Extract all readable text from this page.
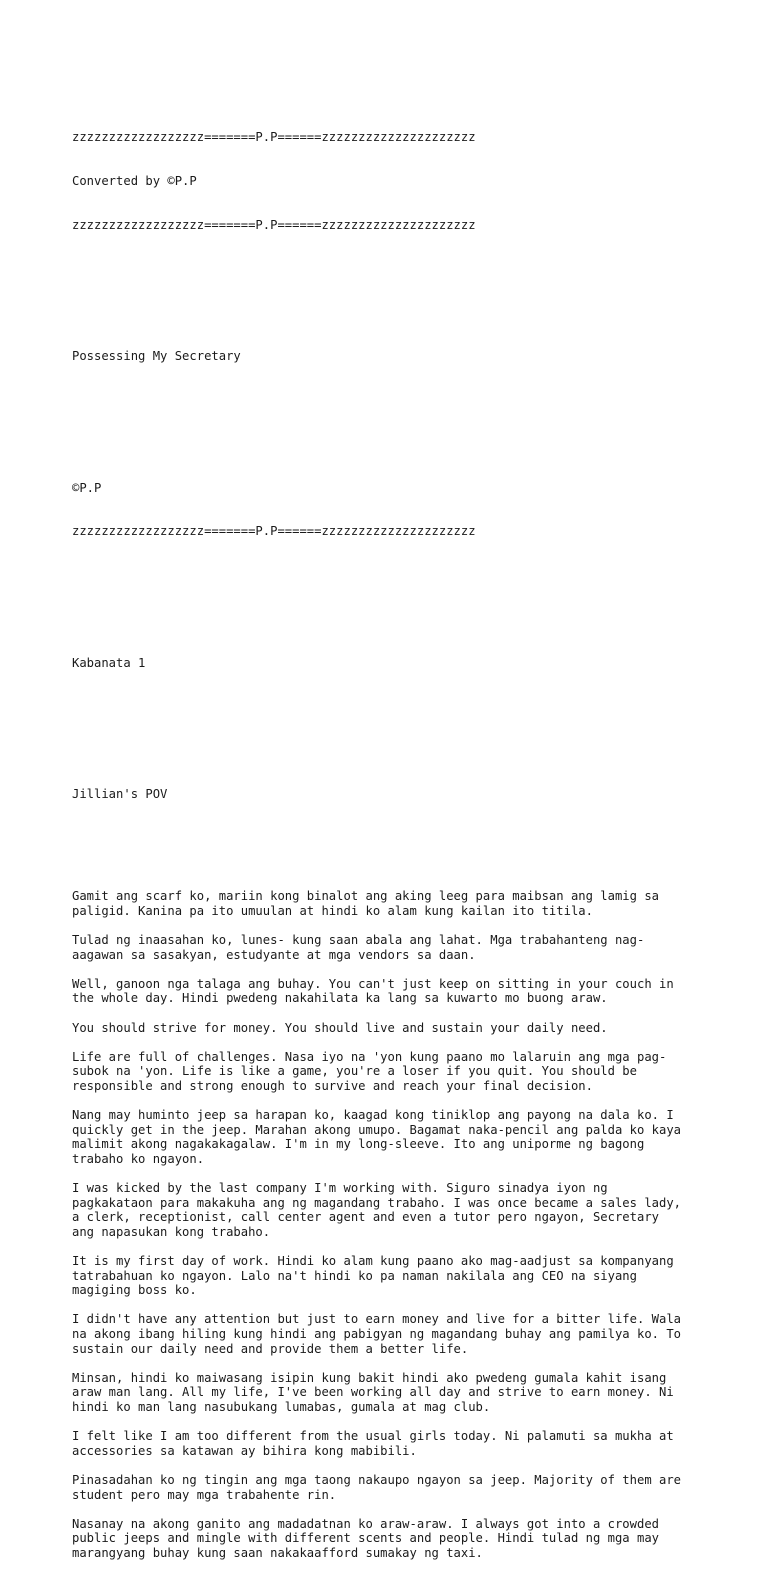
zzzzzzzzzzzzzzzzzz=======P.P======zzzzzzzzzzzzzzzzzzzzz

Converted by ©P.P

zzzzzzzzzzzzzzzzzz=======P.P======zzzzzzzzzzzzzzzzzzzzz

Possessing My Secretary

©P.P

zzzzzzzzzzzzzzzzzz=======P.P======zzzzzzzzzzzzzzzzzzzzz

Kabanata 1

Jillian's POV

Gamit ang scarf ko, mariin kong binalot ang aking leeg para maibsan ang lamig sa
paligid. Kanina pa ito umuulan at hindi ko alam kung kailan ito titila.
Tulad ng inaasahan ko, lunes- kung saan abala ang lahat. Mga trabahanteng nag-
aagawan sa sasakyan, estudyante at mga vendors sa daan.
Well, ganoon nga talaga ang buhay. You can't just keep on sitting in your couch in
the whole day. Hindi pwedeng nakahilata ka lang sa kuwarto mo buong araw.
You should strive for money. You should live and sustain your daily need.
Life are full of challenges. Nasa iyo na 'yon kung paano mo lalaruin ang mga pag-
subok na 'yon. Life is like a game, you're a loser if you quit. You should be
responsible and strong enough to survive and reach your final decision.
Nang may huminto jeep sa harapan ko, kaagad kong tiniklop ang payong na dala ko. I
quickly get in the jeep. Marahan akong umupo. Bagamat naka-pencil ang palda ko kaya
malimit akong nagakakagalaw. I'm in my long-sleeve. Ito ang uniporme ng bagong
trabaho ko ngayon.
I was kicked by the last company I'm working with. Siguro sinadya iyon ng
pagkakataon para makakuha ang ng magandang trabaho. I was once became a sales lady,
a clerk, receptionist, call center agent and even a tutor pero ngayon, Secretary
ang napasukan kong trabaho.
It is my first day of work. Hindi ko alam kung paano ako mag-aadjust sa kompanyang
tatrabahuan ko ngayon. Lalo na't hindi ko pa naman nakilala ang CEO na siyang
magiging boss ko.
I didn't have any attention but just to earn money and live for a bitter life. Wala
na akong ibang hiling kung hindi ang pabigyan ng magandang buhay ang pamilya ko. To
sustain our daily need and provide them a better life.
Minsan, hindi ko maiwasang isipin kung bakit hindi ako pwedeng gumala kahit isang
araw man lang. All my life, I've been working all day and strive to earn money. Ni
hindi ko man lang nasubukang lumabas, gumala at mag club.
I felt like I am too different from the usual girls today. Ni palamuti sa mukha at
accessories sa katawan ay bihira kong mabibili.
Pinasadahan ko ng tingin ang mga taong nakaupo ngayon sa jeep. Majority of them are
student pero may mga trabahente rin.
Nasanay na akong ganito ang madadatnan ko araw-araw. I always got into a crowded
public jeeps and mingle with different scents and people. Hindi tulad ng mga may
marangyang buhay kung saan nakakaafford sumakay ng taxi.
